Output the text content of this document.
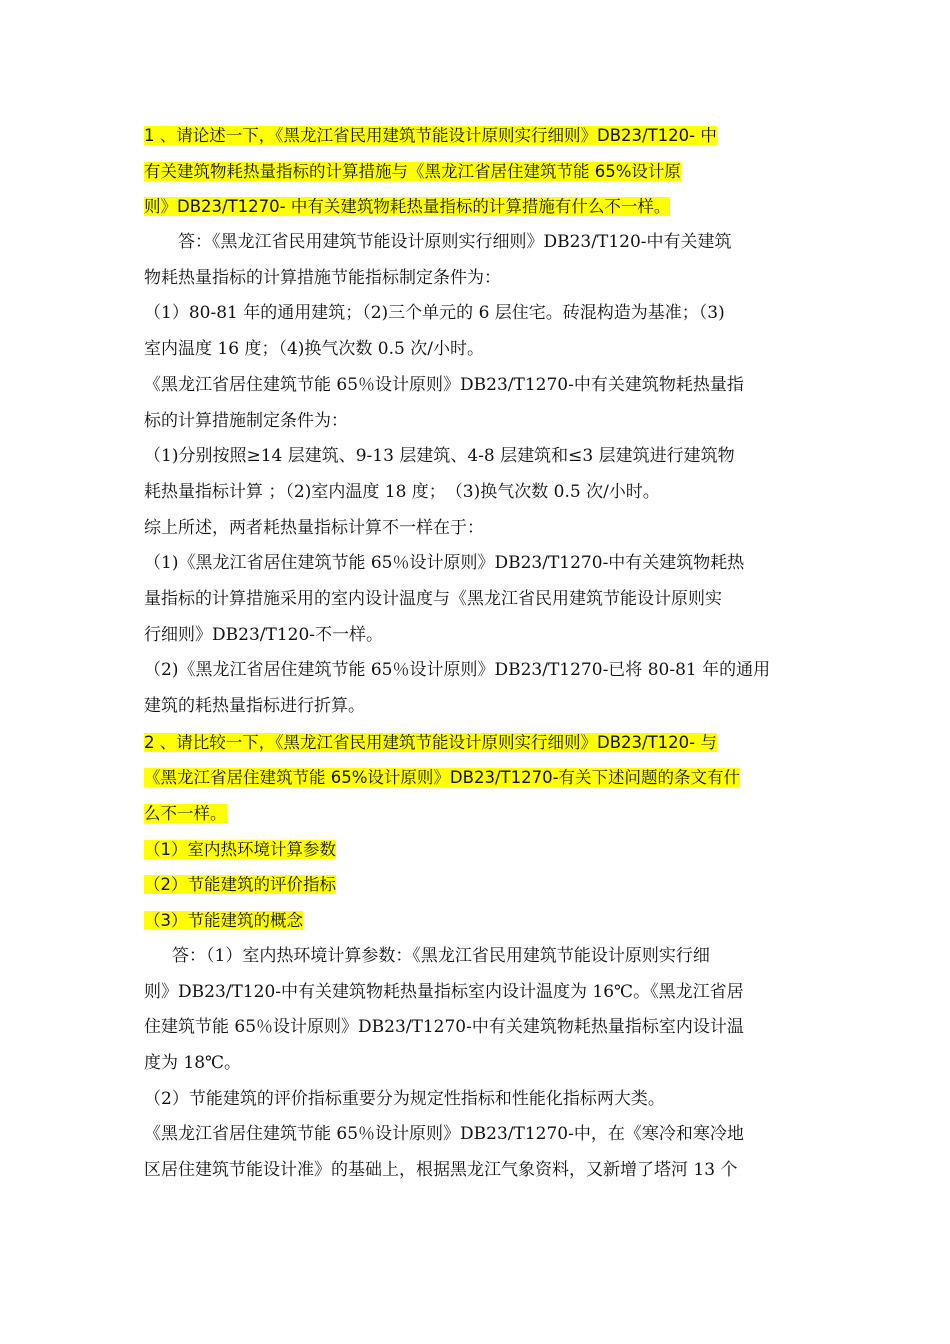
1 、请论述一下，《黑龙江省民用建筑节能设计原则实行细则》DB23/T120- 中
有关建筑物耗热量指标的计算措施与《黑龙江省居住建筑节能 65%设计原
则》DB23/T1270- 中有关建筑物耗热量指标的计算措施有什么不一样。
答：《黑龙江省民用建筑节能设计原则实行细则》DB23/T120-中有关建筑
物耗热量指标的计算措施节能指标制定条件为：
（1）80-81 年的通用建筑；（2)三个单元的 6 层住宅。砖混构造为基准；（3)
室内温度 16 度；（4)换气次数 0.5 次/小时。
《黑龙江省居住建筑节能 65％设计原则》DB23/T1270-中有关建筑物耗热量指
标的计算措施制定条件为：
（1)分别按照≥14 层建筑、9-13 层建筑、4-8 层建筑和≤3 层建筑进行建筑物
耗热量指标计算 ；（2)室内温度 18 度；　（3)换气次数 0.5 次/小时。
综上所述，两者耗热量指标计算不一样在于：
（1)《黑龙江省居住建筑节能 65％设计原则》DB23/T1270-中有关建筑物耗热
量指标的计算措施采用的室内设计温度与《黑龙江省民用建筑节能设计原则实
行细则》DB23/T120-不一样。
（2)《黑龙江省居住建筑节能 65％设计原则》DB23/T1270-已将 80-81 年的通用
建筑的耗热量指标进行折算。
2 、请比较一下，《黑龙江省民用建筑节能设计原则实行细则》DB23/T120- 与
《黑龙江省居住建筑节能 65%设计原则》DB23/T1270-有关下述问题的条文有什
么不一样。
（1）室内热环境计算参数
（2）节能建筑的评价指标
（3）节能建筑的概念
答：（1）室内热环境计算参数：《黑龙江省民用建筑节能设计原则实行细
则》DB23/T120-中有关建筑物耗热量指标室内设计温度为 16℃。《黑龙江省居
住建筑节能 65％设计原则》DB23/T1270-中有关建筑物耗热量指标室内设计温
度为 18℃。
（2）节能建筑的评价指标重要分为规定性指标和性能化指标两大类。
《黑龙江省居住建筑节能 65％设计原则》DB23/T1270-中，在《寒冷和寒冷地
区居住建筑节能设计准》的基础上，根据黑龙江气象资料，又新增了塔河 13 个
